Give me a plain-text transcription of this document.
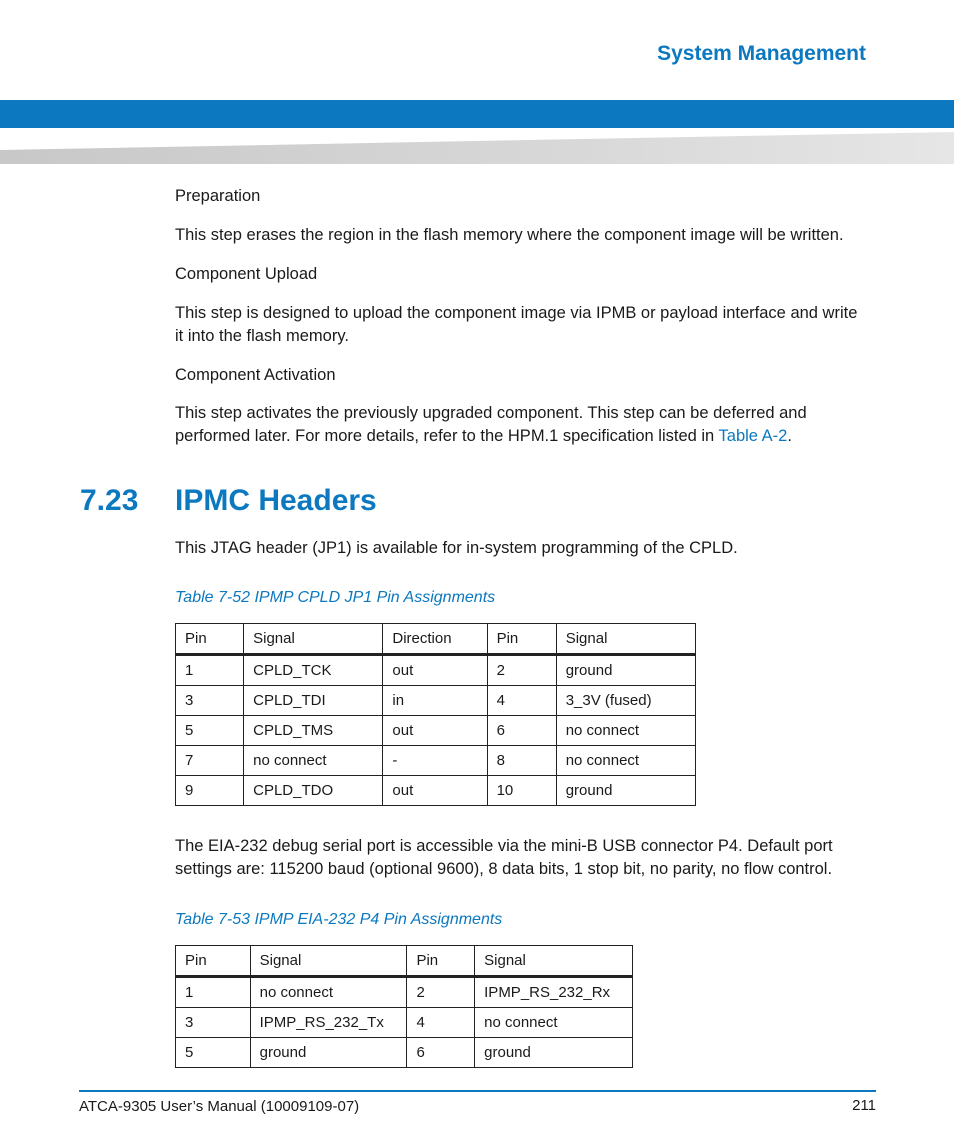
System Management

Preparation

This step erases the region in the flash memory where the component image will be written.

Component Upload

This step is designed to upload the component image via IPMB or payload interface and write

it into the flash memory.

Component Activation

This step activates the previously upgraded component. This step can be deferred and

performed later. For more details, refer to the HPM.1 specification listed in Table A-2.

7.23 IPMC Headers

This JTAG header (JP1) is available for in-system programming of the CPLD.

Table 7-52 IPMP CPLD JP1 Pin Assignments

Pin	Signal	Direction	Pin	Signal
1	CPLD_TCK	out	2	ground
3	CPLD_TDI	in	4	3_3V (fused)
5	CPLD_TMS	out	6	no connect
7	no connect	-	8	no connect
9	CPLD_TDO	out	10	ground

The EIA-232 debug serial port is accessible via the mini-B USB connector P4. Default port

settings are: 115200 baud (optional 9600), 8 data bits, 1 stop bit, no parity, no flow control.

Table 7-53 IPMP EIA-232 P4 Pin Assignments

Pin	Signal	Pin	Signal
1	no connect	2	IPMP_RS_232_Rx
3	IPMP_RS_232_Tx	4	no connect
5	ground	6	ground
ATCA-9305 User’s Manual (10009109-07)	211
